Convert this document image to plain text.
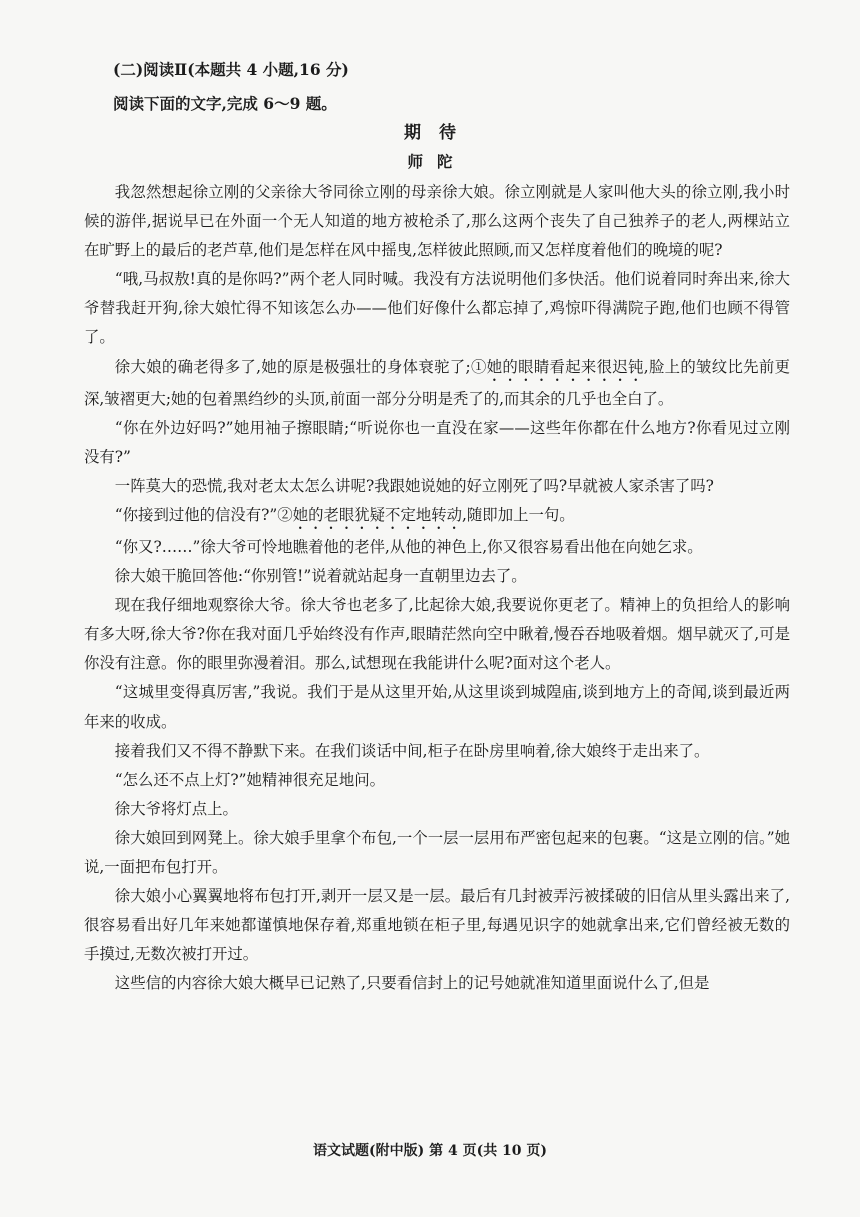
(二)阅读Ⅱ(本题共 4 小题,16 分)
阅读下面的文字,完成 6～9 题。
期待
师陀

我忽然想起徐立刚的父亲徐大爷同徐立刚的母亲徐大娘。徐立刚就是人家叫他大头的徐立刚,我小时候的游伴,据说早已在外面一个无人知道的地方被枪杀了,那么这两个丧失了自己独养子的老人,两棵站立在旷野上的最后的老芦草,他们是怎样在风中摇曳,怎样彼此照顾,而又怎样度着他们的晚境的呢?

“哦,马叔敖!真的是你吗?”两个老人同时喊。我没有方法说明他们多快活。他们说着同时奔出来,徐大爷替我赶开狗,徐大娘忙得不知该怎么办——他们好像什么都忘掉了,鸡惊吓得满院子跑,他们也顾不得管了。

徐大娘的确老得多了,她的原是极强壮的身体衰驼了;①她的眼睛看起来很迟钝,脸上的皱纹比先前更深,皱褶更大;她的包着黑绉纱的头顶,前面一部分分明是秃了的,而其余的几乎也全白了。

“你在外边好吗?”她用袖子擦眼睛;“听说你也一直没在家——这些年你都在什么地方?你看见过立刚没有?”

一阵莫大的恐慌,我对老太太怎么讲呢?我跟她说她的好立刚死了吗?早就被人家杀害了吗?

“你接到过他的信没有?”②她的老眼犹疑不定地转动,随即加上一句。

“你又?……”徐大爷可怜地瞧着他的老伴,从他的神色上,你又很容易看出他在向她乞求。

徐大娘干脆回答他:“你别管!”说着就站起身一直朝里边去了。

现在我仔细地观察徐大爷。徐大爷也老多了,比起徐大娘,我要说你更老了。精神上的负担给人的影响有多大呀,徐大爷?你在我对面几乎始终没有作声,眼睛茫然向空中瞅着,慢吞吞地吸着烟。烟早就灭了,可是你没有注意。你的眼里弥漫着泪。那么,试想现在我能讲什么呢?面对这个老人。

“这城里变得真厉害,”我说。我们于是从这里开始,从这里谈到城隍庙,谈到地方上的奇闻,谈到最近两年来的收成。

接着我们又不得不静默下来。在我们谈话中间,柜子在卧房里响着,徐大娘终于走出来了。

“怎么还不点上灯?”她精神很充足地问。

徐大爷将灯点上。

徐大娘回到网凳上。徐大娘手里拿个布包,一个一层一层用布严密包起来的包裹。“这是立刚的信。”她说,一面把布包打开。

徐大娘小心翼翼地将布包打开,剥开一层又是一层。最后有几封被弄污被揉破的旧信从里头露出来了,很容易看出好几年来她都谨慎地保存着,郑重地锁在柜子里,每遇见识字的她就拿出来,它们曾经被无数的手摸过,无数次被打开过。

这些信的内容徐大娘大概早已记熟了,只要看信封上的记号她就准知道里面说什么了,但是

语文试题(附中版) 第 4 页(共 10 页)
